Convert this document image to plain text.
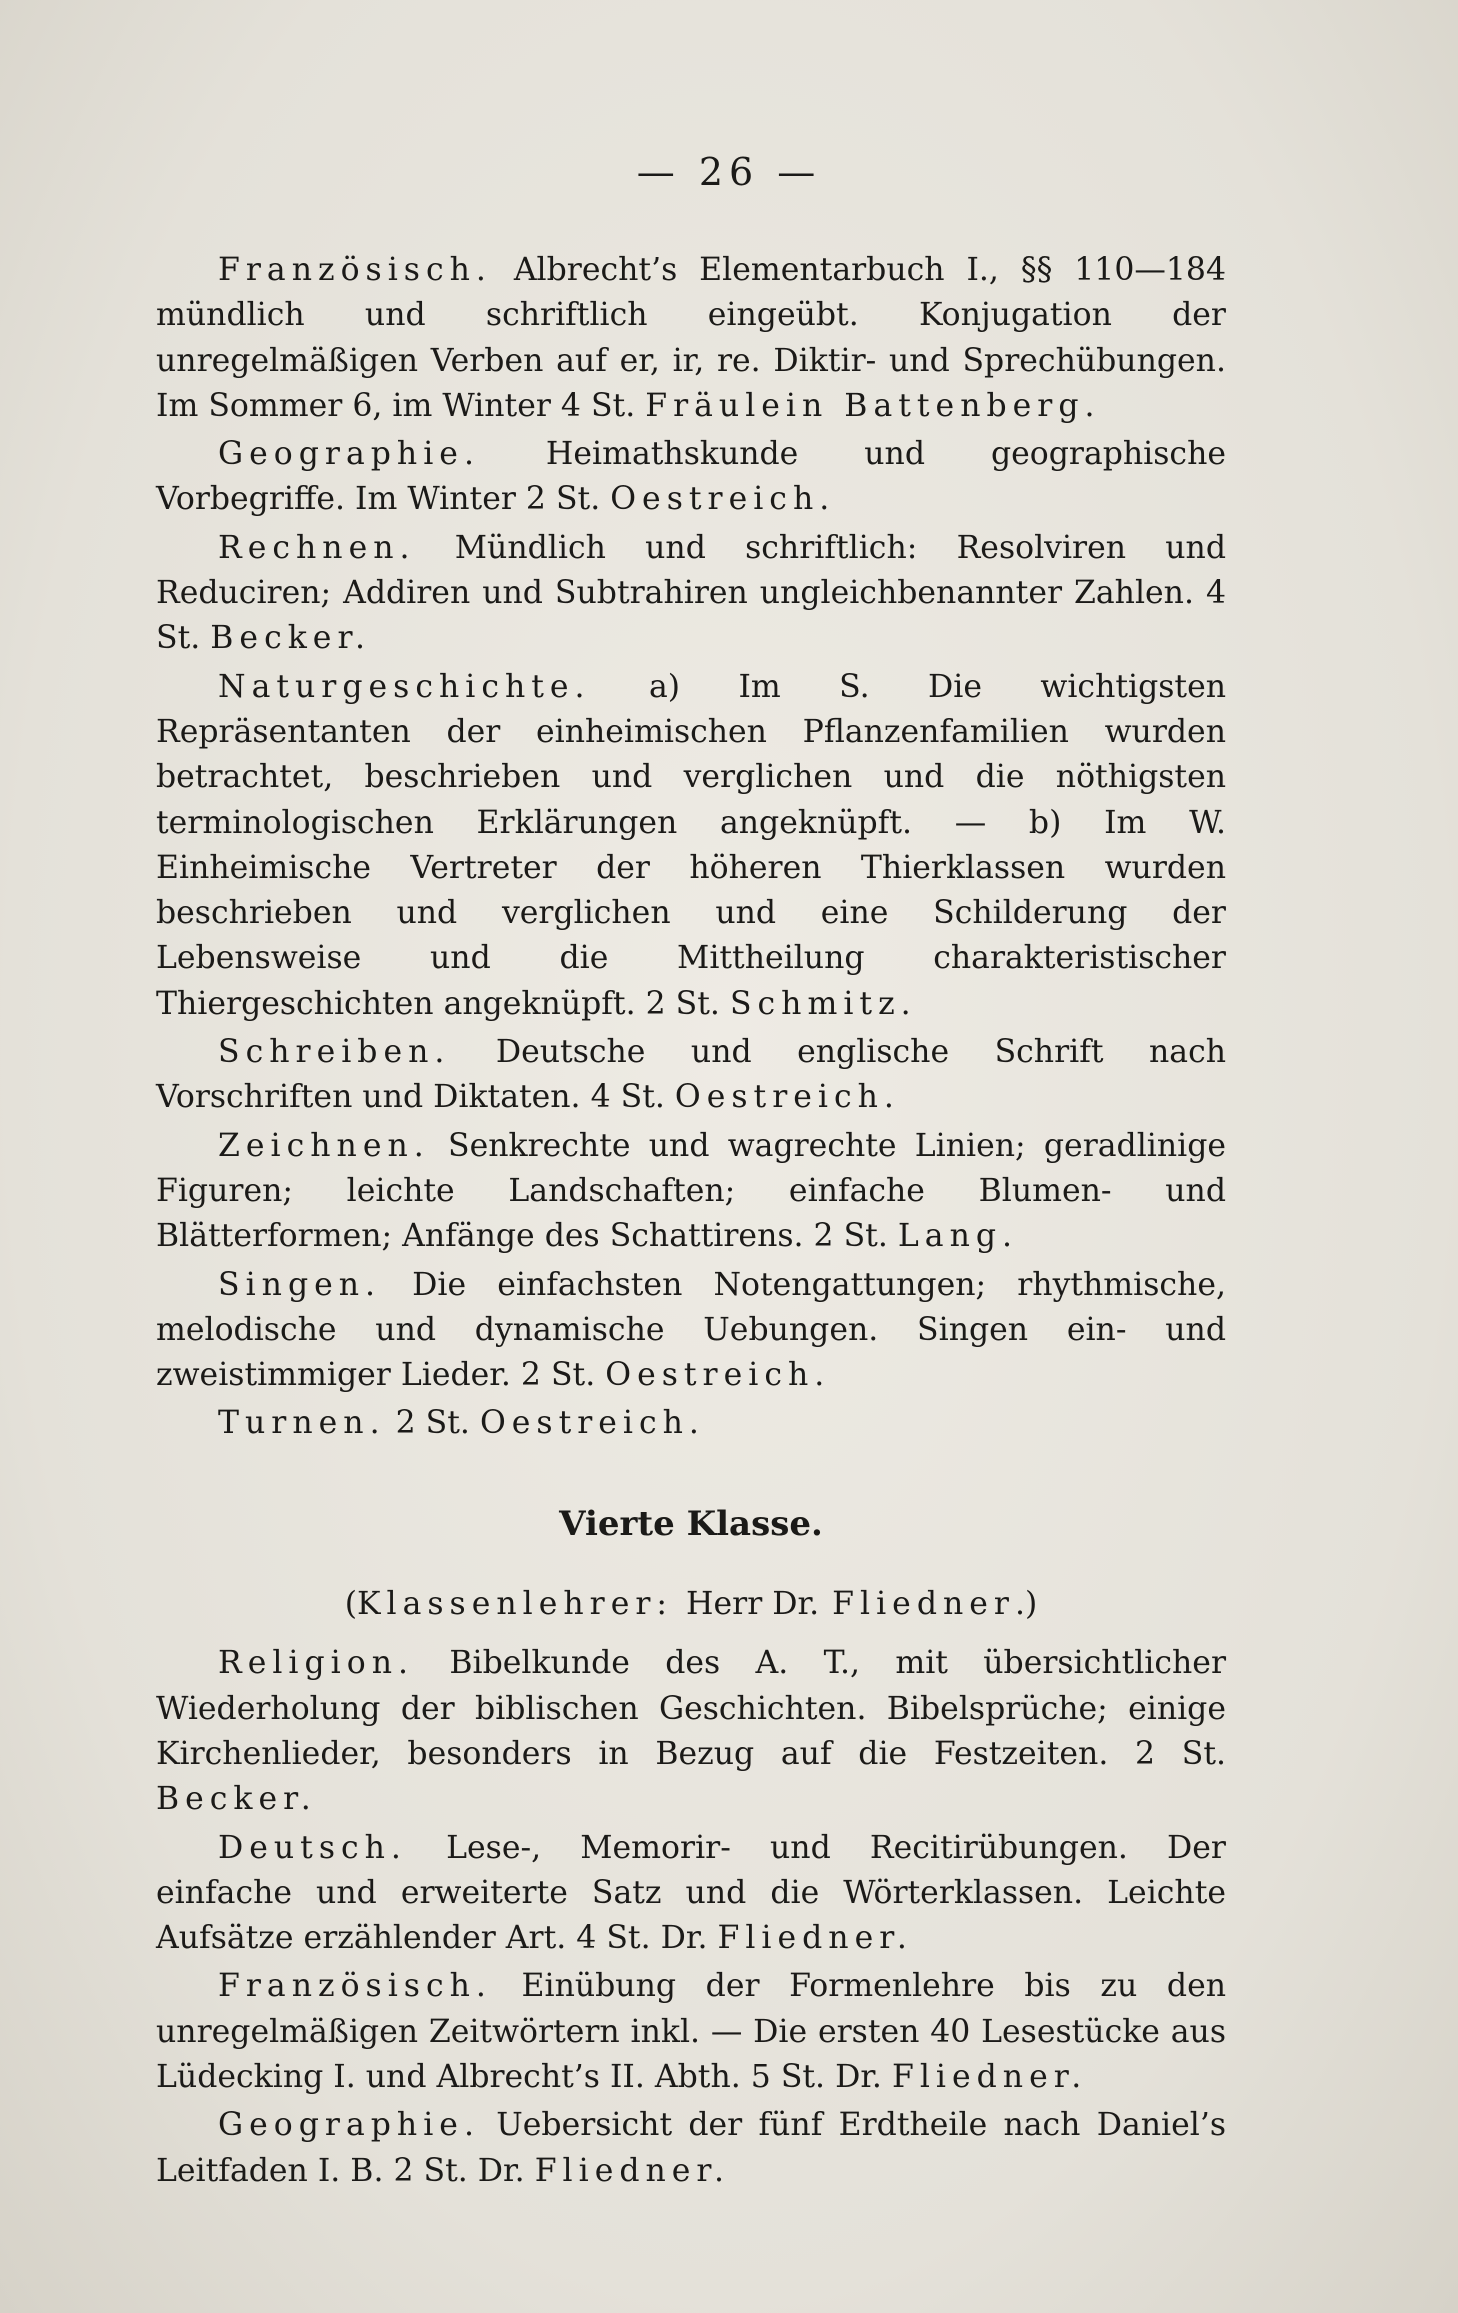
— 26 —

Französisch. Albrecht’s Elementarbuch I., §§ 110—184 mündlich und schriftlich eingeübt. Konjugation der unregelmäßigen Verben auf er, ir, re. Diktir- und Sprechübungen. Im Sommer 6, im Winter 4 St. Fräulein Battenberg.

Geographie. Heimathskunde und geographische Vorbegriffe. Im Winter 2 St. Oestreich.

Rechnen. Mündlich und schriftlich: Resolviren und Reduciren; Addiren und Subtrahiren ungleichbenannter Zahlen. 4 St. Becker.

Naturgeschichte. a) Im S. Die wichtigsten Repräsentanten der einheimischen Pflanzenfamilien wurden betrachtet, beschrieben und verglichen und die nöthigsten terminologischen Erklärungen angeknüpft. — b) Im W. Einheimische Vertreter der höheren Thierklassen wurden beschrieben und verglichen und eine Schilderung der Lebensweise und die Mittheilung charakteristischer Thiergeschichten angeknüpft. 2 St. Schmitz.

Schreiben. Deutsche und englische Schrift nach Vorschriften und Diktaten. 4 St. Oestreich.

Zeichnen. Senkrechte und wagrechte Linien; geradlinige Figuren; leichte Landschaften; einfache Blumen- und Blätterformen; Anfänge des Schattirens. 2 St. Lang.

Singen. Die einfachsten Notengattungen; rhythmische, melodische und dynamische Uebungen. Singen ein- und zweistimmiger Lieder. 2 St. Oestreich.

Turnen. 2 St. Oestreich.

Vierte Klasse.

(Klassenlehrer: Herr Dr. Fliedner.)

Religion. Bibelkunde des A. T., mit übersichtlicher Wiederholung der biblischen Geschichten. Bibelsprüche; einige Kirchenlieder, besonders in Bezug auf die Festzeiten. 2 St. Becker.

Deutsch. Lese-, Memorir- und Recitirübungen. Der einfache und erweiterte Satz und die Wörterklassen. Leichte Aufsätze erzählender Art. 4 St. Dr. Fliedner.

Französisch. Einübung der Formenlehre bis zu den unregelmäßigen Zeitwörtern inkl. — Die ersten 40 Lesestücke aus Lüdecking I. und Albrecht’s II. Abth. 5 St. Dr. Fliedner.

Geographie. Uebersicht der fünf Erdtheile nach Daniel’s Leitfaden I. B. 2 St. Dr. Fliedner.
